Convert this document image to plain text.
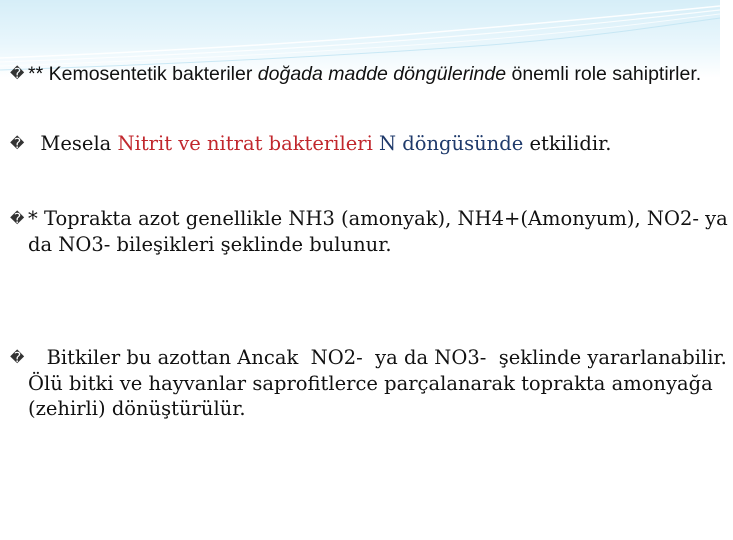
� ** Kemosentetik bakteriler doğada madde döngülerinde önemli role sahiptirler.
�  Mesela Nitrit ve nitrat bakterileri N döngüsünde etkilidir.
� * Toprakta azot genellikle NH3 (amonyak), NH4+(Amonyum), NO2- ya da NO3- bileşikleri şeklinde bulunur.
�   Bitkiler bu azottan Ancak  NO2-  ya da NO3-  şeklinde yararlanabilir. Ölü bitki ve hayvanlar saprofitlerce parçalanarak toprakta amonyağa (zehirli) dönüştürülür.
